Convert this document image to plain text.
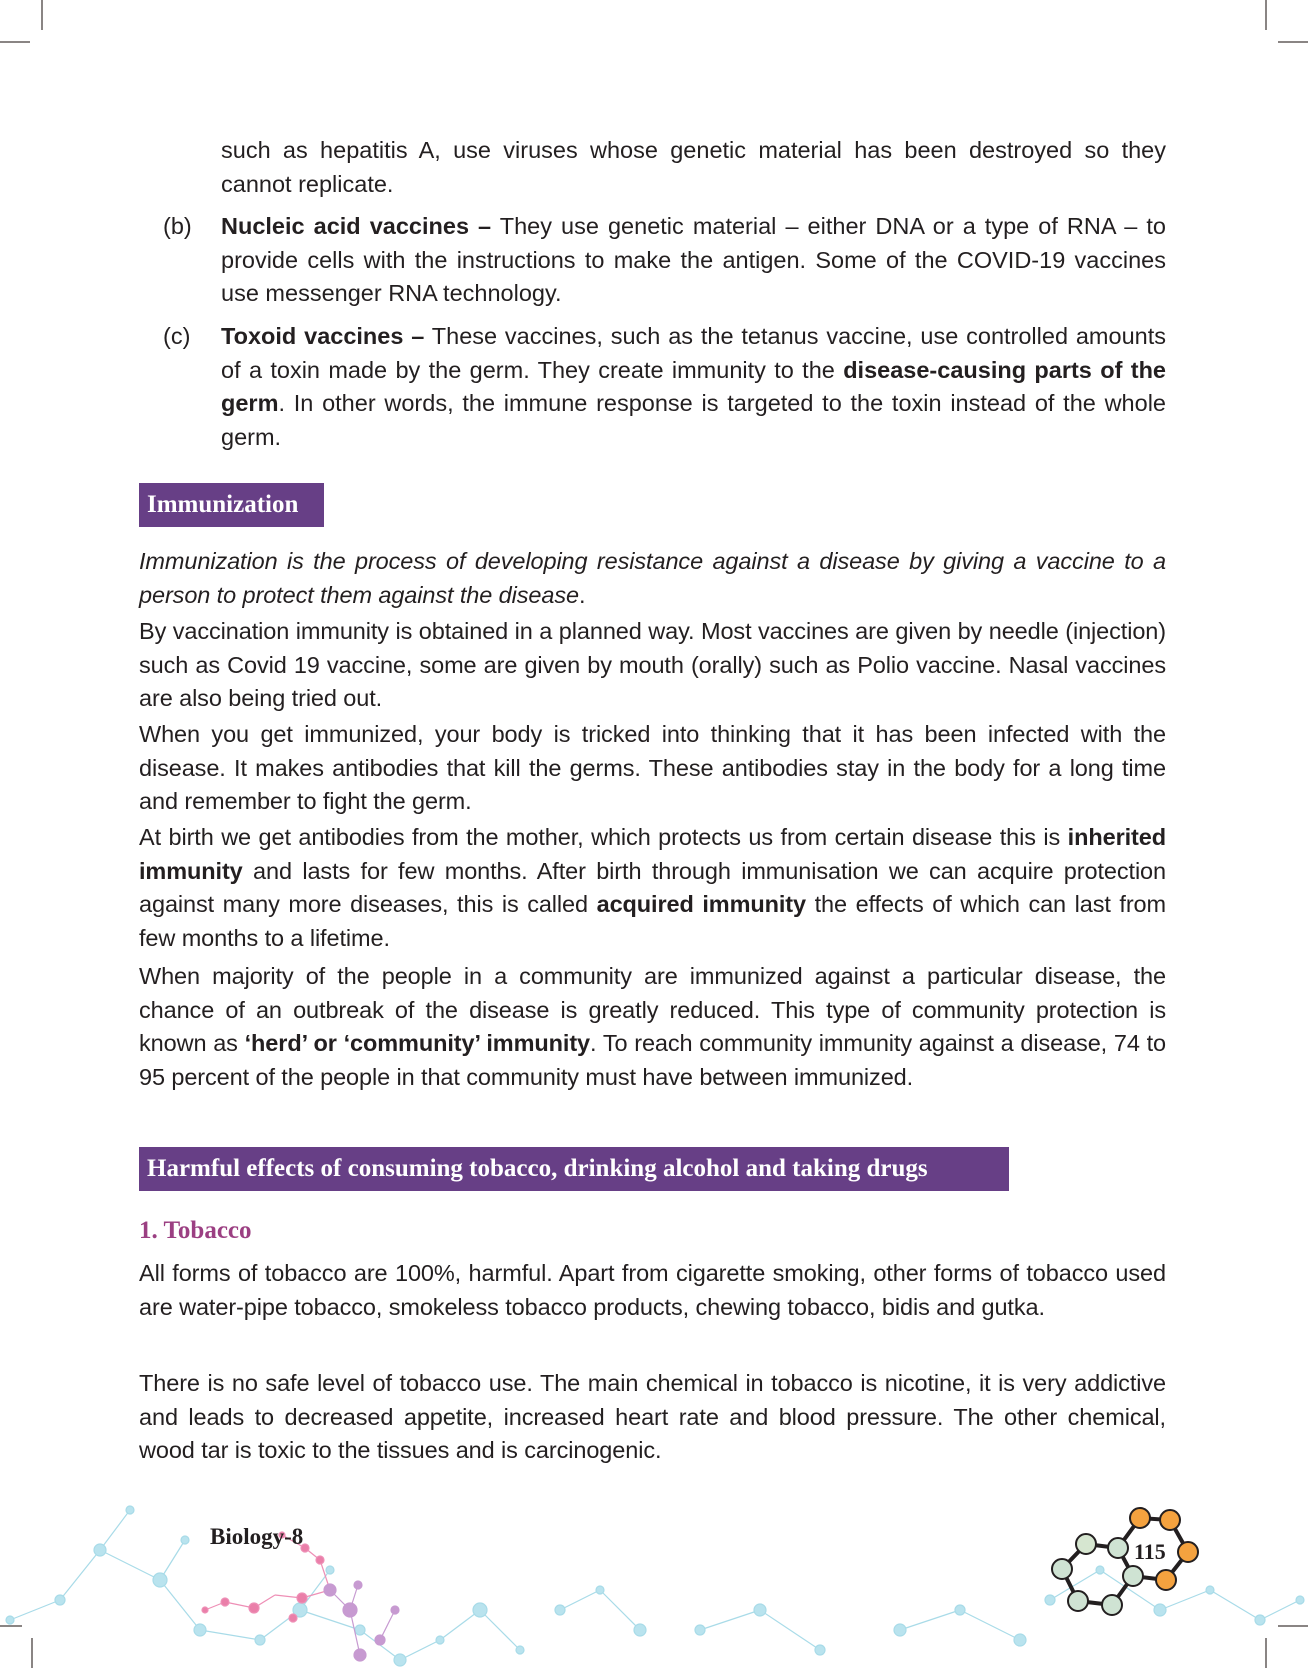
such as hepatitis A, use viruses whose genetic material has been destroyed so they cannot replicate.
(b) Nucleic acid vaccines – They use genetic material – either DNA or a type of RNA – to provide cells with the instructions to make the antigen. Some of the COVID-19 vaccines use messenger RNA technology.
(c) Toxoid vaccines – These vaccines, such as the tetanus vaccine, use controlled amounts of a toxin made by the germ. They create immunity to the disease-causing parts of the germ. In other words, the immune response is targeted to the toxin instead of the whole germ.
Immunization
Immunization is the process of developing resistance against a disease by giving a vaccine to a person to protect them against the disease.
By vaccination immunity is obtained in a planned way. Most vaccines are given by needle (injection) such as Covid 19 vaccine, some are given by mouth (orally) such as Polio vaccine. Nasal vaccines are also being tried out.
When you get immunized, your body is tricked into thinking that it has been infected with the disease. It makes antibodies that kill the germs. These antibodies stay in the body for a long time and remember to fight the germ.
At birth we get antibodies from the mother, which protects us from certain disease this is inherited immunity and lasts for few months. After birth through immunisation we can acquire protection against many more diseases, this is called acquired immunity the effects of which can last from few months to a lifetime.
When majority of the people in a community are immunized against a particular disease, the chance of an outbreak of the disease is greatly reduced. This type of community protection is known as ‘herd’ or ‘community’ immunity. To reach community immunity against a disease, 74 to 95 percent of the people in that community must have between immunized.
Harmful effects of consuming tobacco, drinking alcohol and taking drugs
1. Tobacco
All forms of tobacco are 100%, harmful. Apart from cigarette smoking, other forms of tobacco used are water-pipe tobacco, smokeless tobacco products, chewing tobacco, bidis and gutka.
There is no safe level of tobacco use. The main chemical in tobacco is nicotine, it is very addictive and leads to decreased appetite, increased heart rate and blood pressure. The other chemical, wood tar is toxic to the tissues and is carcinogenic.
Biology-8
115
